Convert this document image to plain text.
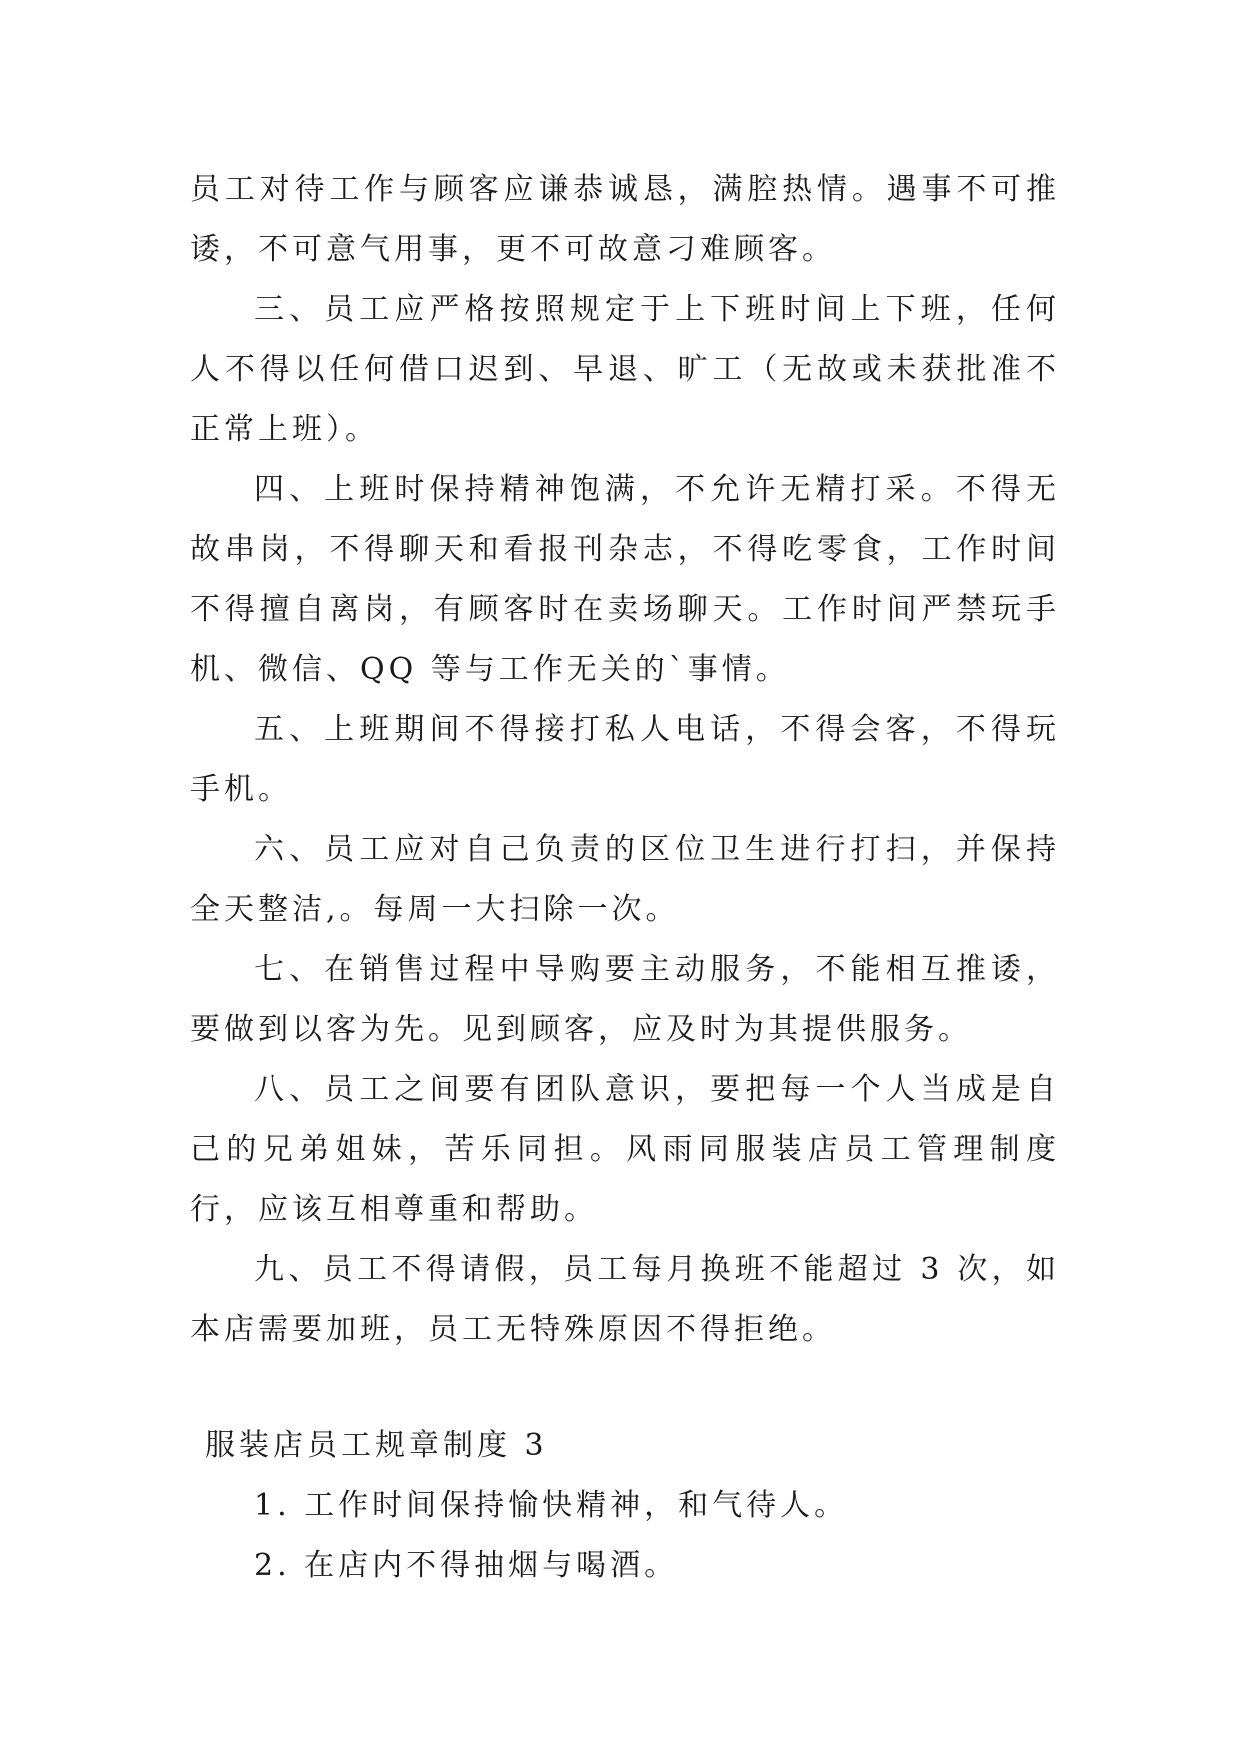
员工对待工作与顾客应谦恭诚恳，满腔热情。遇事不可推诿，不可意气用事，更不可故意刁难顾客。

三、员工应严格按照规定于上下班时间上下班，任何人不得以任何借口迟到、早退、旷工（无故或未获批准不正常上班）。

四、上班时保持精神饱满，不允许无精打采。不得无故串岗，不得聊天和看报刊杂志，不得吃零食，工作时间不得擅自离岗，有顾客时在卖场聊天。工作时间严禁玩手机、微信、QQ 等与工作无关的`事情。

五、上班期间不得接打私人电话，不得会客，不得玩手机。

六、员工应对自己负责的区位卫生进行打扫，并保持全天整洁,。每周一大扫除一次。

七、在销售过程中导购要主动服务，不能相互推诿，要做到以客为先。见到顾客，应及时为其提供服务。

八、员工之间要有团队意识，要把每一个人当成是自己的兄弟姐妹，苦乐同担。风雨同服装店员工管理制度行，应该互相尊重和帮助。

九、员工不得请假，员工每月换班不能超过 3 次，如本店需要加班，员工无特殊原因不得拒绝。

服装店员工规章制度 3

1. 工作时间保持愉快精神，和气待人。

2. 在店内不得抽烟与喝酒。
